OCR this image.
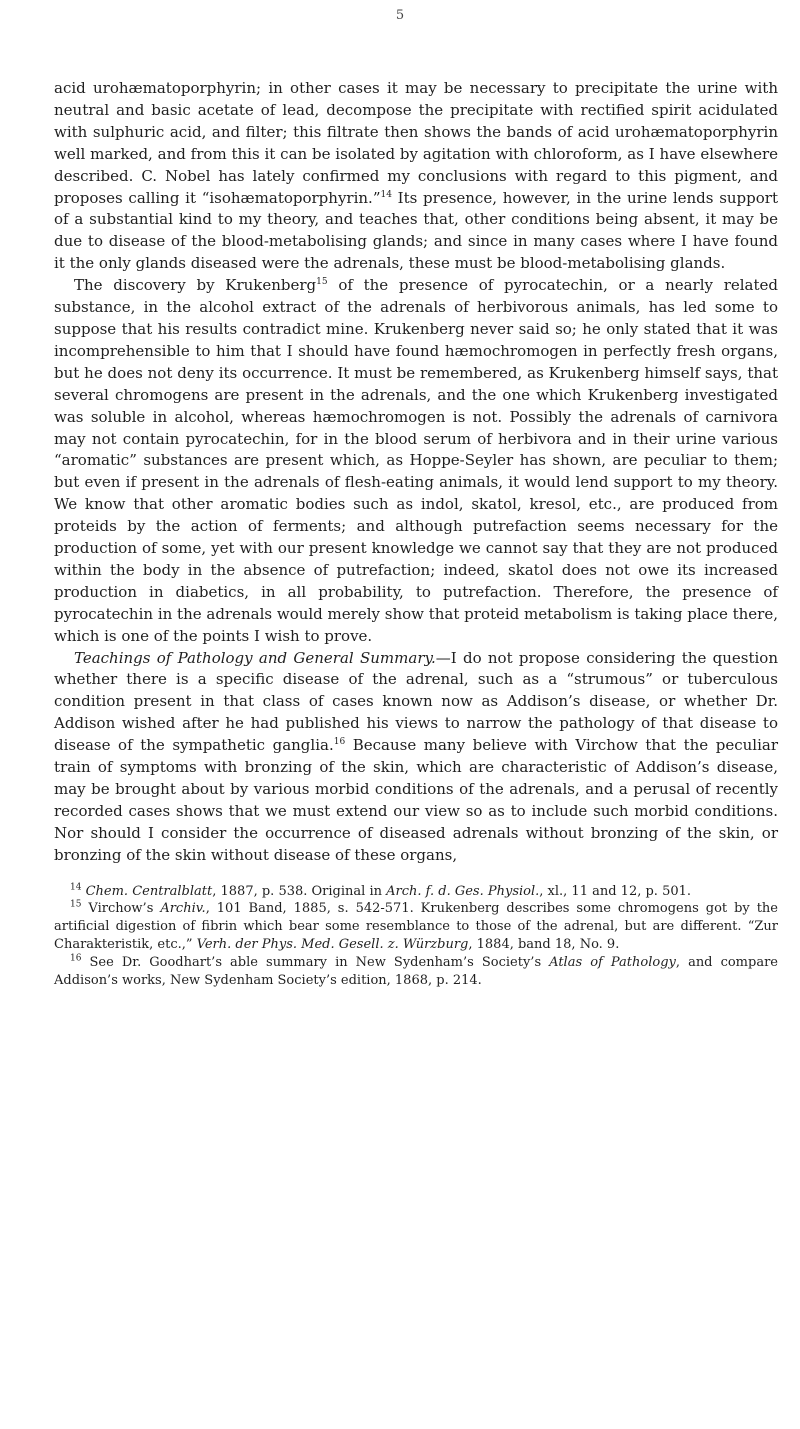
5

acid urohæmatoporphyrin; in other cases it may be necessary to precipitate the urine with neutral and basic acetate of lead, decompose the precipitate with rectified spirit acidulated with sulphuric acid, and filter; this filtrate then shows the bands of acid urohæmatoporphyrin well marked, and from this it can be isolated by agitation with chloroform, as I have elsewhere described. C. Nobel has lately confirmed my conclusions with regard to this pigment, and proposes calling it “isohæmatoporphyrin.”$^{14}$ Its presence, however, in the urine lends support of a substantial kind to my theory, and teaches that, other conditions being absent, it may be due to disease of the blood-metabolising glands; and since in many cases where I have found it the only glands diseased were the adrenals, these must be blood-metabolising glands.

The discovery by Krukenberg$^{15}$ of the presence of pyrocatechin, or a nearly related substance, in the alcohol extract of the adrenals of herbivorous animals, has led some to suppose that his results contradict mine. Krukenberg never said so; he only stated that it was incomprehensible to him that I should have found hæmochromogen in perfectly fresh organs, but he does not deny its occurrence. It must be remembered, as Krukenberg himself says, that several chromogens are present in the adrenals, and the one which Krukenberg investigated was soluble in alcohol, whereas hæmochromogen is not. Possibly the adrenals of carnivora may not contain pyrocatechin, for in the blood serum of herbivora and in their urine various “aromatic” substances are present which, as Hoppe-Seyler has shown, are peculiar to them; but even if present in the adrenals of flesh-eating animals, it would lend support to my theory. We know that other aromatic bodies such as indol, skatol, kresol, etc., are produced from proteids by the action of ferments; and although putrefaction seems necessary for the production of some, yet with our present knowledge we cannot say that they are not produced within the body in the absence of putrefaction; indeed, skatol does not owe its increased production in diabetics, in all probability, to putrefaction. Therefore, the presence of pyrocatechin in the adrenals would merely show that proteid metabolism is taking place there, which is one of the points I wish to prove.

Teachings of Pathology and General Summary.—I do not propose considering the question whether there is a specific disease of the adrenal, such as a “strumous” or tuberculous condition present in that class of cases known now as Addison’s disease, or whether Dr. Addison wished after he had published his views to narrow the pathology of that disease to disease of the sympathetic ganglia.$^{16}$ Because many believe with Virchow that the peculiar train of symptoms with bronzing of the skin, which are characteristic of Addison’s disease, may be brought about by various morbid conditions of the adrenals, and a perusal of recently recorded cases shows that we must extend our view so as to include such morbid conditions. Nor should I consider the occurrence of diseased adrenals without bronzing of the skin, or bronzing of the skin without disease of these organs,

$^{14}$ Chem. Centralblatt, 1887, p. 538. Original in Arch. f. d. Ges. Physiol., xl., 11 and 12, p. 501.

$^{15}$ Virchow’s Archiv., 101 Band, 1885, s. 542-571. Krukenberg describes some chromogens got by the artificial digestion of fibrin which bear some resemblance to those of the adrenal, but are different. “Zur Charakteristik, etc.,” Verh. der Phys. Med. Gesell. z. Würzburg, 1884, band 18, No. 9.

$^{16}$ See Dr. Goodhart’s able summary in New Sydenham’s Society’s Atlas of Pathology, and compare Addison’s works, New Sydenham Society’s edition, 1868, p. 214.
